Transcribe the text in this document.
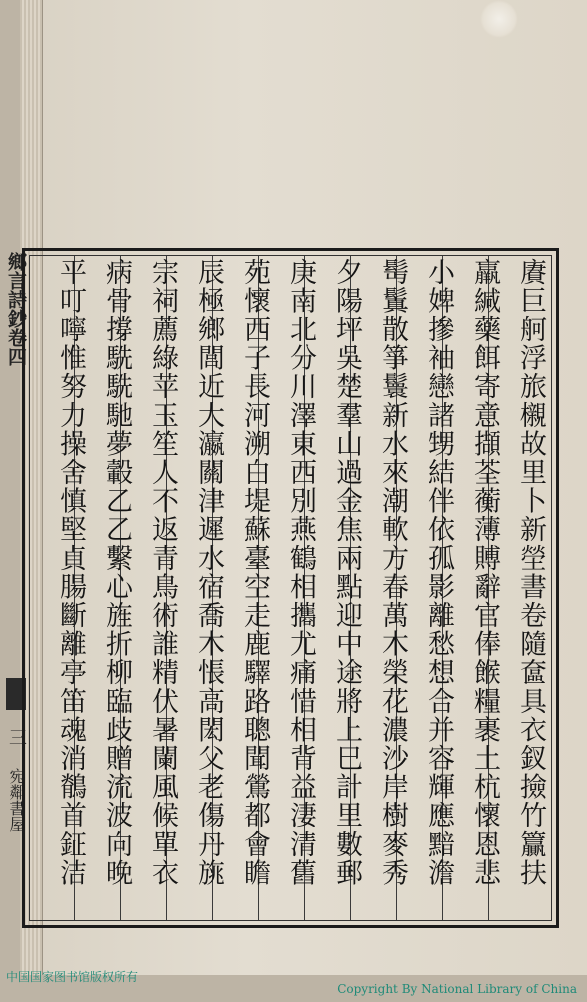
鄉言詩鈔卷四
三
宛鄰書屋	賡巨舸浮旅櫬故里卜新塋書卷隨奩具衣釵撿竹籯扶
羸緘藥餌寄意擷荃蘅薄賻辭官俸餱糧裹土杭懷恩悲
小婢摻袖戀諸甥結伴依孤影離愁想合并容輝應黯澹
髩鬒散箏鬟新水來潮軟方春萬木榮花濃沙岸樹麥秀
夕陽坪吳楚羣山過金焦兩點迎中途將上巳計里數郵
庚南北分川澤東西別燕鶴相攜尤痛惜相背益淒清舊
苑懷西子長河溯白堤蘇臺空走鹿驛路聰聞鶯都會瞻
辰極鄉閭近大瀛關津遲水宿喬木悵高閎父老傷丹旐
宗祠薦綠苹玉笙人不返青鳥術誰精伏暑闌風候單衣
病骨撐駪駪馳夢轂乙乙繫心旌折柳臨歧贈流波向晚
平叮嚀惟努力操舍慎堅貞腸斷離亭笛魂消鶺首鉦洁
中国国家图书馆版权所有
Copyright By National Library of China
